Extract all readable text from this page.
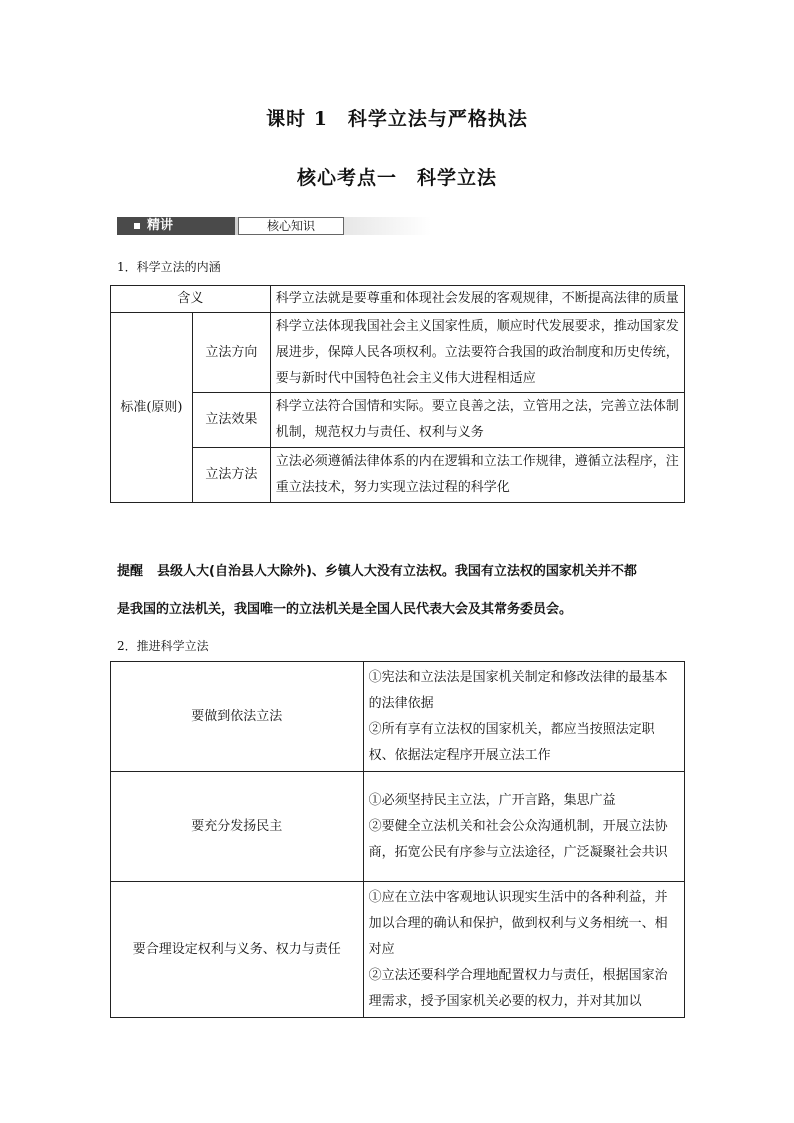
课时 1　科学立法与严格执法
核心考点一　科学立法
精讲	核心知识
1．科学立法的内涵
含义		科学立法就是要尊重和体现社会发展的客观规律，不断提高法律的质量
标准(原则)	立法方向	科学立法体现我国社会主义国家性质，顺应时代发展要求，推动国家发展进步，保障人民各项权利。立法要符合我国的政治制度和历史传统，要与新时代中国特色社会主义伟大进程相适应
	立法效果	科学立法符合国情和实际。要立良善之法，立管用之法，完善立法体制机制，规范权力与责任、权利与义务
	立法方法	立法必须遵循法律体系的内在逻辑和立法工作规律，遵循立法程序，注重立法技术，努力实现立法过程的科学化
提醒 县级人大(自治县人大除外)、乡镇人大没有立法权。我国有立法权的国家机关并不都
是我国的立法机关，我国唯一的立法机关是全国人民代表大会及其常务委员会。
2．推进科学立法
要做到依法立法	①宪法和立法法是国家机关制定和修改法律的最基本的法律依据
②所有享有立法权的国家机关，都应当按照法定职权、依据法定程序开展立法工作

要充分发扬民主	①必须坚持民主立法，广开言路，集思广益
②要健全立法机关和社会公众沟通机制，开展立法协商，拓宽公民有序参与立法途径，广泛凝聚社会共识

要合理设定权利与义务、权力与责任	①应在立法中客观地认识现实生活中的各种利益，并加以合理的确认和保护，做到权利与义务相统一、相对应
②立法还要科学合理地配置权力与责任，根据国家治理需求，授予国家机关必要的权力，并对其加以
